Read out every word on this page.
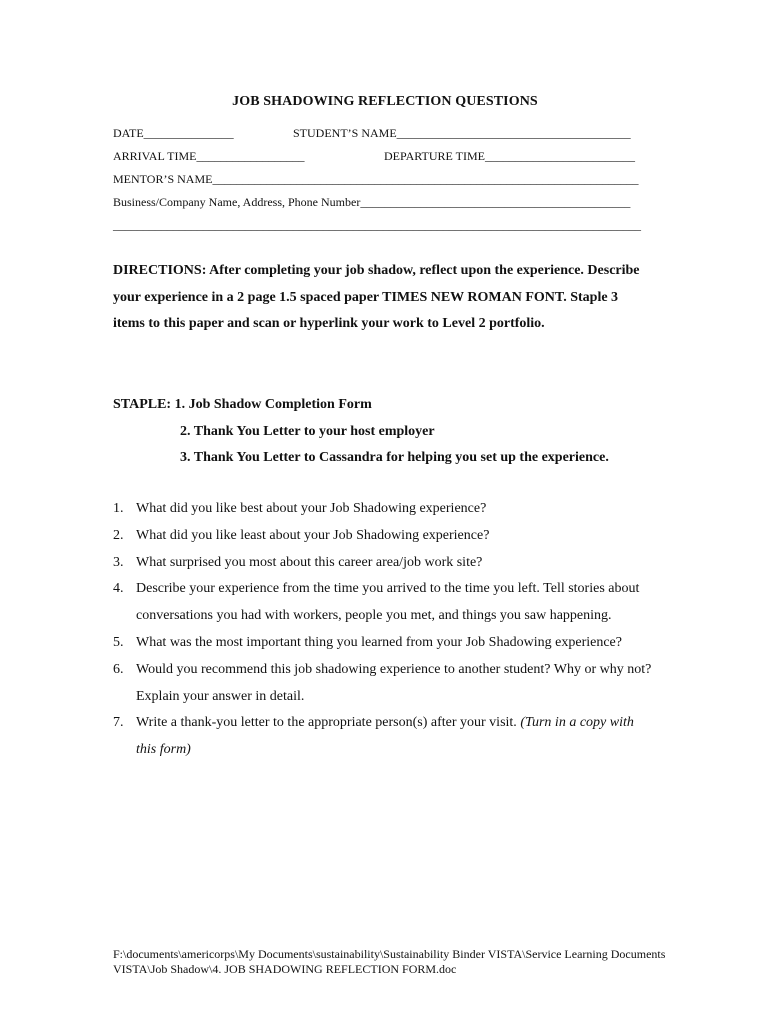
JOB SHADOWING REFLECTION QUESTIONS
DATE_______________	STUDENT’S NAME_______________________________________
ARRIVAL TIME__________________	DEPARTURE TIME_________________________
MENTOR’S NAME_______________________________________________________________________
Business/Company Name, Address, Phone Number_____________________________________________
________________________________________________________________________________________
DIRECTIONS: After completing your job shadow, reflect upon the experience. Describe your experience in a 2 page 1.5 spaced paper TIMES NEW ROMAN FONT. Staple 3 items to this paper and scan or hyperlink your work to Level 2 portfolio.
STAPLE: 1. Job Shadow Completion Form
2. Thank You Letter to your host employer
3. Thank You Letter to Cassandra for helping you set up the experience.
1. What did you like best about your Job Shadowing experience?
2. What did you like least about your Job Shadowing experience?
3. What surprised you most about this career area/job work site?
4. Describe your experience from the time you arrived to the time you left. Tell stories about conversations you had with workers, people you met, and things you saw happening.
5. What was the most important thing you learned from your Job Shadowing experience?
6. Would you recommend this job shadowing experience to another student? Why or why not? Explain your answer in detail.
7. Write a thank-you letter to the appropriate person(s) after your visit. (Turn in a copy with this form)
F:\documents\americorps\My Documents\sustainability\Sustainability Binder VISTA\Service Learning Documents VISTA\Job Shadow\4. JOB SHADOWING REFLECTION FORM.doc
